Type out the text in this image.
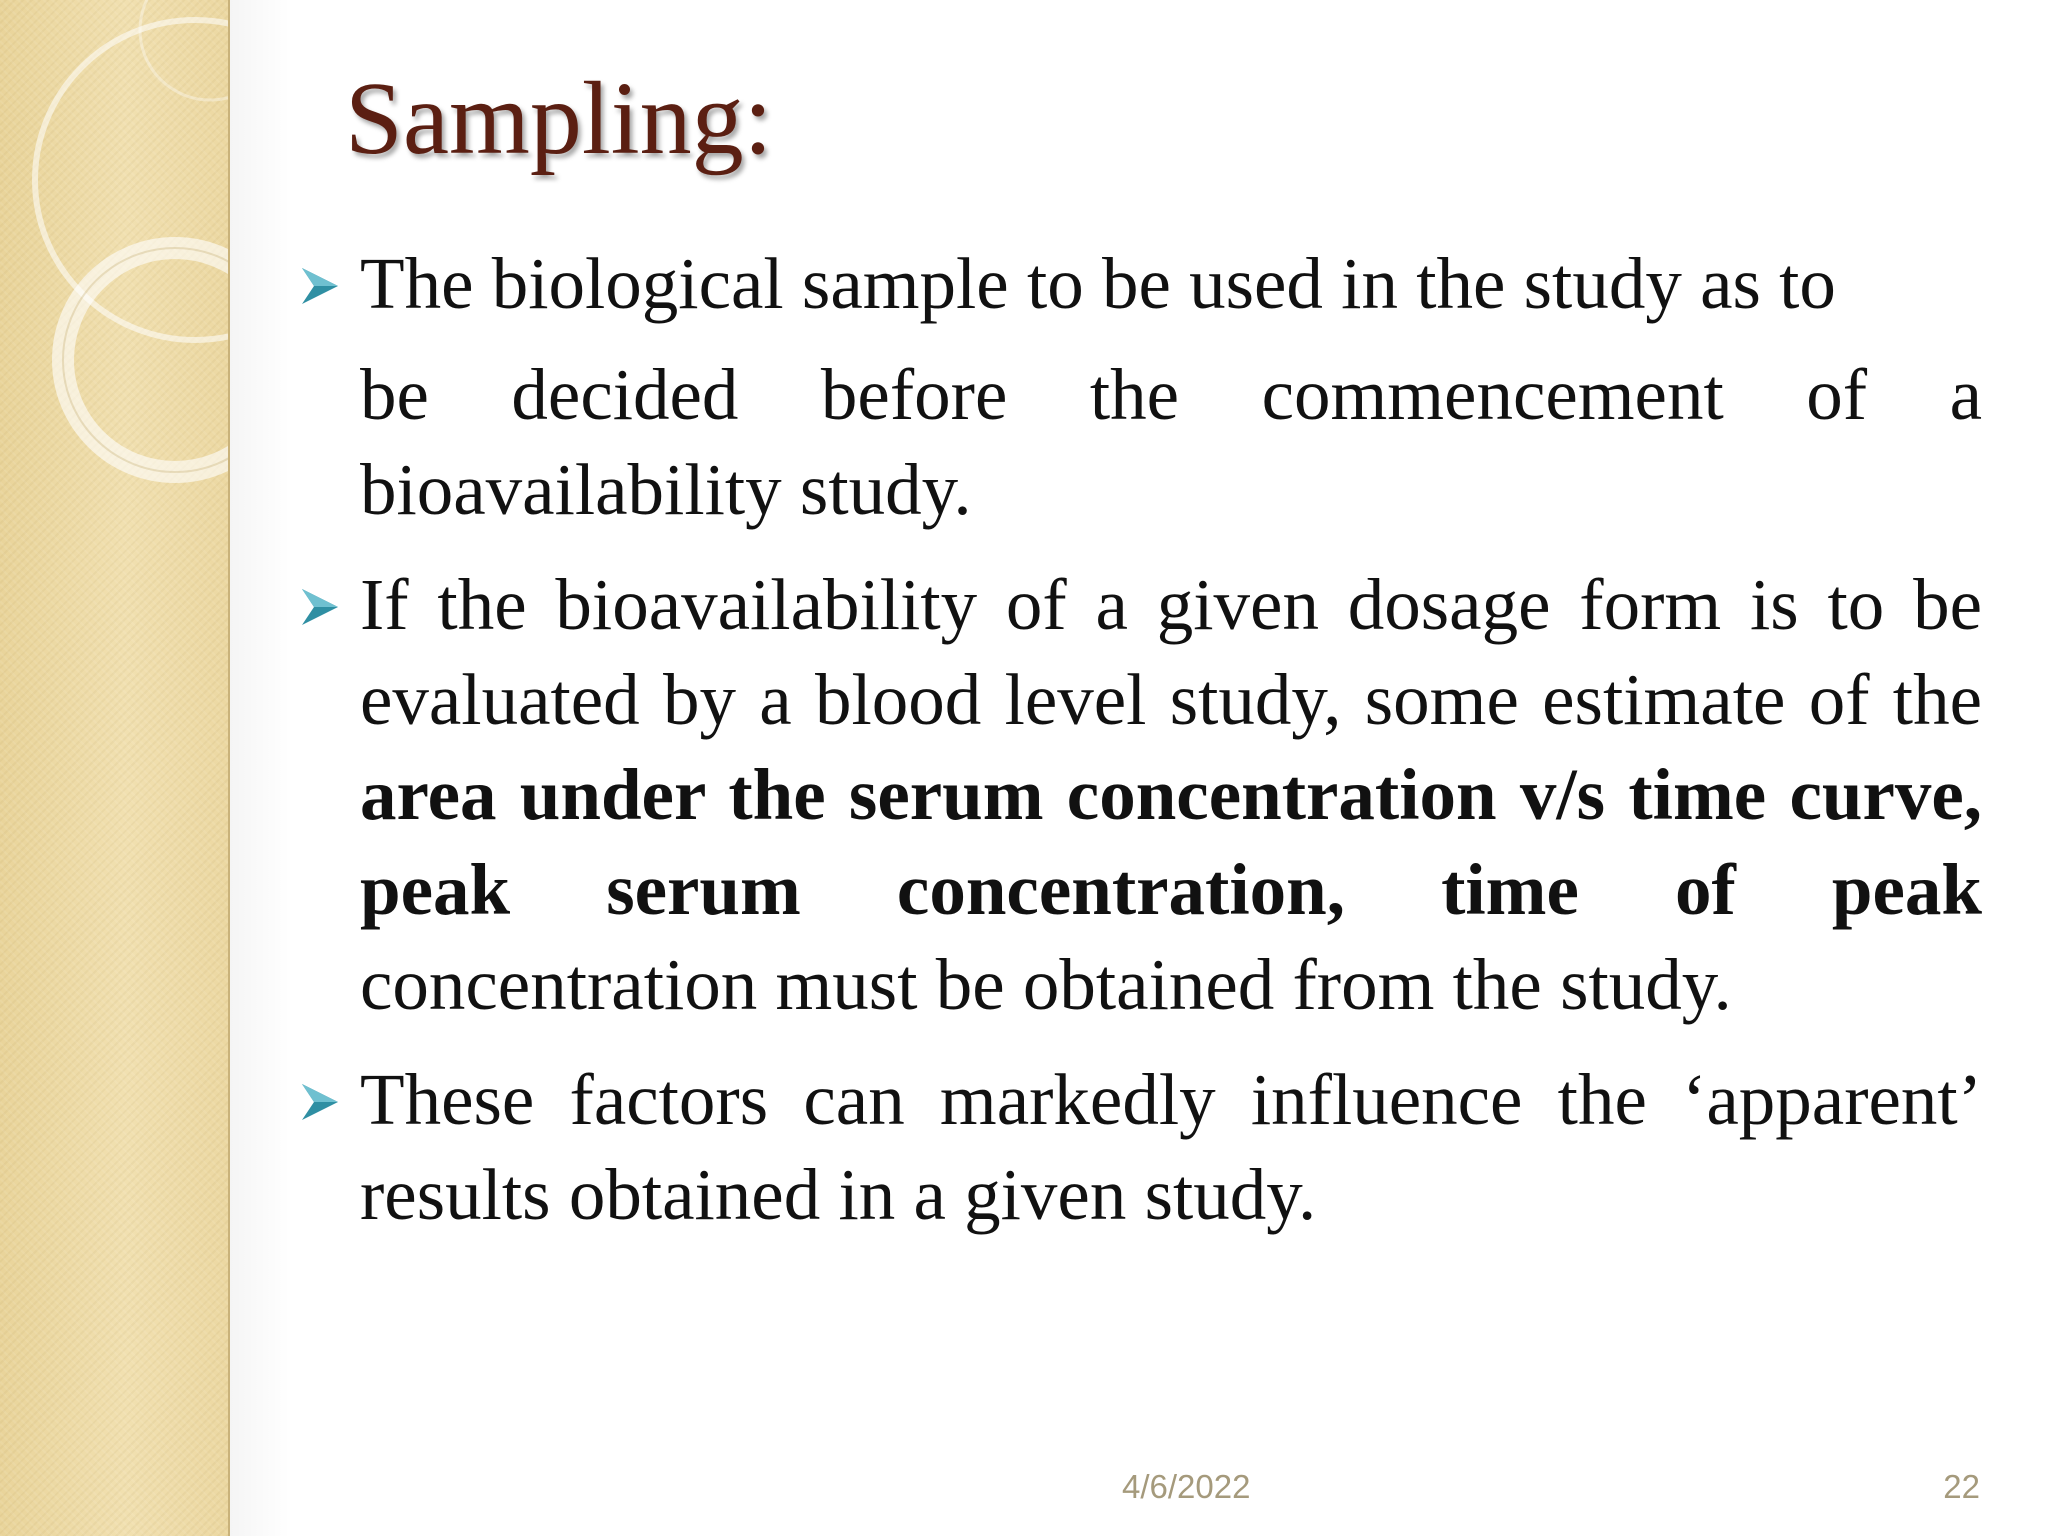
Sampling:

The biological sample to be used in the study as to
be decided before the commencement of a bioavailability study.

If the bioavailability of a given dosage form is to be evaluated by a blood level study, some estimate of the area under the serum concentration v/s time curve, peak serum concentration, time of peak concentration must be obtained from the study.

These factors can markedly influence the ‘apparent’ results obtained in a given study.

4/6/2022	22
